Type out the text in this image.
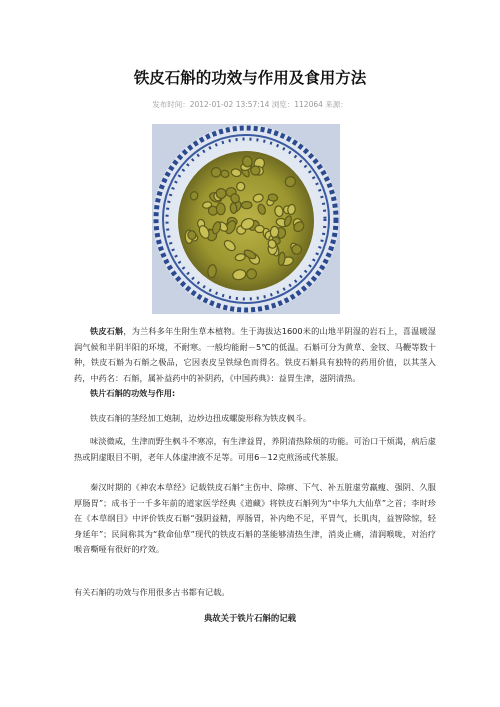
铁皮石斛的功效与作用及食用方法
发布时间：2012-01-02 13:57:14 浏览：112064 来源：

铁皮石斛，为兰科多年生附生草本植物。生于海拔达1600米的山地半阴湿的岩石上，喜温暖湿润气候和半阴半阳的环境，不耐寒。一般均能耐－5℃的低温。石斛可分为黄草、金钗、马鞭等数十种，铁皮石斛为石斛之极品，它因表皮呈铁绿色而得名。铁皮石斛具有独特的药用价值，以其茎入药，中药名：石斛，属补益药中的补阴药，《中国药典》：益胃生津，滋阴清热。

铁片石斛的功效与作用:

铁皮石斛的茎经加工炮制，边炒边扭成螺旋形称为铁皮枫斗。

味淡微咸，生津而野生枫斗不寒凉，有生津益胃，养阴清热除烦的功能。可治口干烦渴，病后虚热或阴虚眼目不明，老年人体虚津液不足等。可用6－12克煎汤或代茶服。

秦汉时期的《神农本草经》记载铁皮石斛“主伤中、除痹、下气、补五脏虚劳羸瘦、强阴、久服厚肠胃”；成书于一千多年前的道家医学经典《道藏》将铁皮石斛列为“中华九大仙草”之首；李时珍在《本草纲目》中评价铁皮石斛“强阴益精，厚肠胃，补内绝不足，平胃气，长肌肉，益智除惊，轻身延年”；民间称其为“救命仙草”现代的铁皮石斛的茎能够清热生津，消炎止痛，清润喉咙，对治疗喉音嘶哑有很好的疗效。

有关石斛的功效与作用很多古书都有记载。

典故关于铁片石斛的记载
